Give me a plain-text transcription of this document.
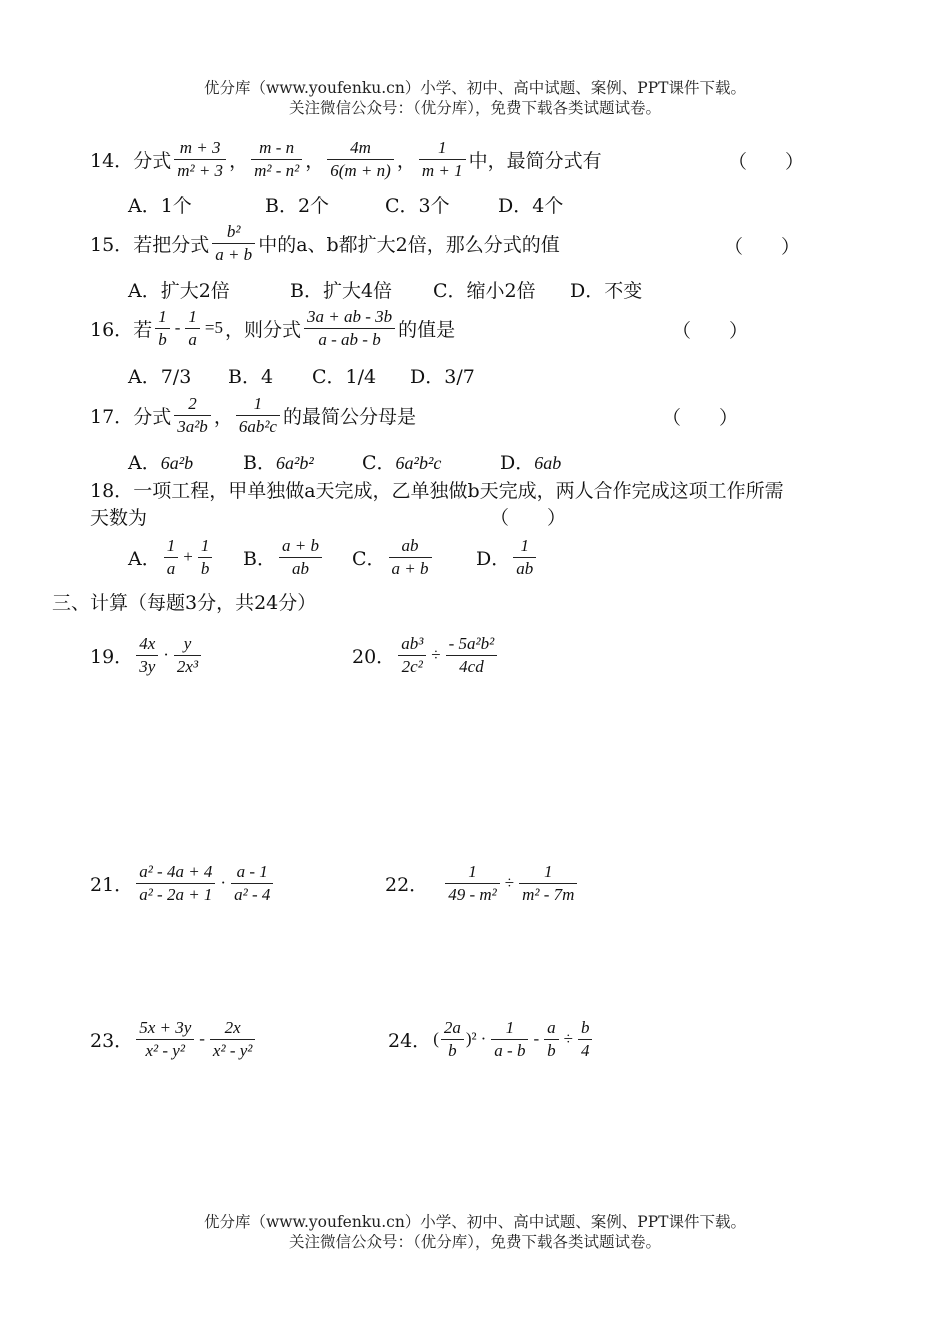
优分库（www.youfenku.cn）小学、初中、高中试题、案例、PPT课件下载。
关注微信公众号：（优分库），免费下载各类试题试卷。
14． 分式 $\frac{m + 3}{\text{m² + 3}}$ ， $\frac{m - n}{\text{m² - n²}}$ ， $\frac{4m}{6(m + n)}$ ， $\frac{1}{m + 1}$ 中，最简分式有	（　　）
A．1个	B．2个	C．3个	D．4个
15． 若把分式 $\frac{\text{b²}}{a + b}$ 中的a、b都扩大2倍，那么分式的值	（　　）
A．扩大2倍	B．扩大4倍 C．缩小2倍 D．不变
16． 若 $\frac{1}{b} - \frac{1}{a} =5$ ，则分式 $\frac{3a + ab - 3b}{a - ab - b}$ 的值是	（　　）
A．7/3 B．4 C．1/4 D．3/7
17． 分式 $\frac{2}{\text{3a²b}}$ ， $\frac{1}{\text{6ab²c}}$ 的最简公分母是	（　　）
A．6a²b	B．6a²b²	C．6a²b²c	D．6ab
18．一项工程，甲单独做a天完成，乙单独做b天完成，两人合作完成这项工作所需
天数为	（　　）
A． $\frac{1}{a} + \frac{1}{b}$ B． $\frac{a + b}{ab}$ C． $\frac{ab}{a + b}$ D． $\frac{1}{ab}$
三、计算（每题3分，共24分）
19． $\frac{4x}{3y} \cdot \frac{y}{\text{2x³}}$	20． $\frac{\text{ab³}}{\text{2c²}} \div \frac{\text{- 5a²b²}}{4cd}$
21． $\frac{\text{a² - 4a + 4}}{\text{a² - 2a + 1}} \cdot \frac{a - 1}{\text{a² - 4}}$	22． $\frac{1}{\text{49 - m²}} \div \frac{1}{\text{m² - 7m}}$
23． $\frac{5x + 3y}{\text{x² - y²}} - \frac{2x}{\text{x² - y²}}$	24． ( $\frac{2a}{b} )^2 \cdot \frac{1}{a - b} - \frac{a}{b} \div \frac{b}{4}$
优分库（www.youfenku.cn）小学、初中、高中试题、案例、PPT课件下载。
关注微信公众号：（优分库），免费下载各类试题试卷。
